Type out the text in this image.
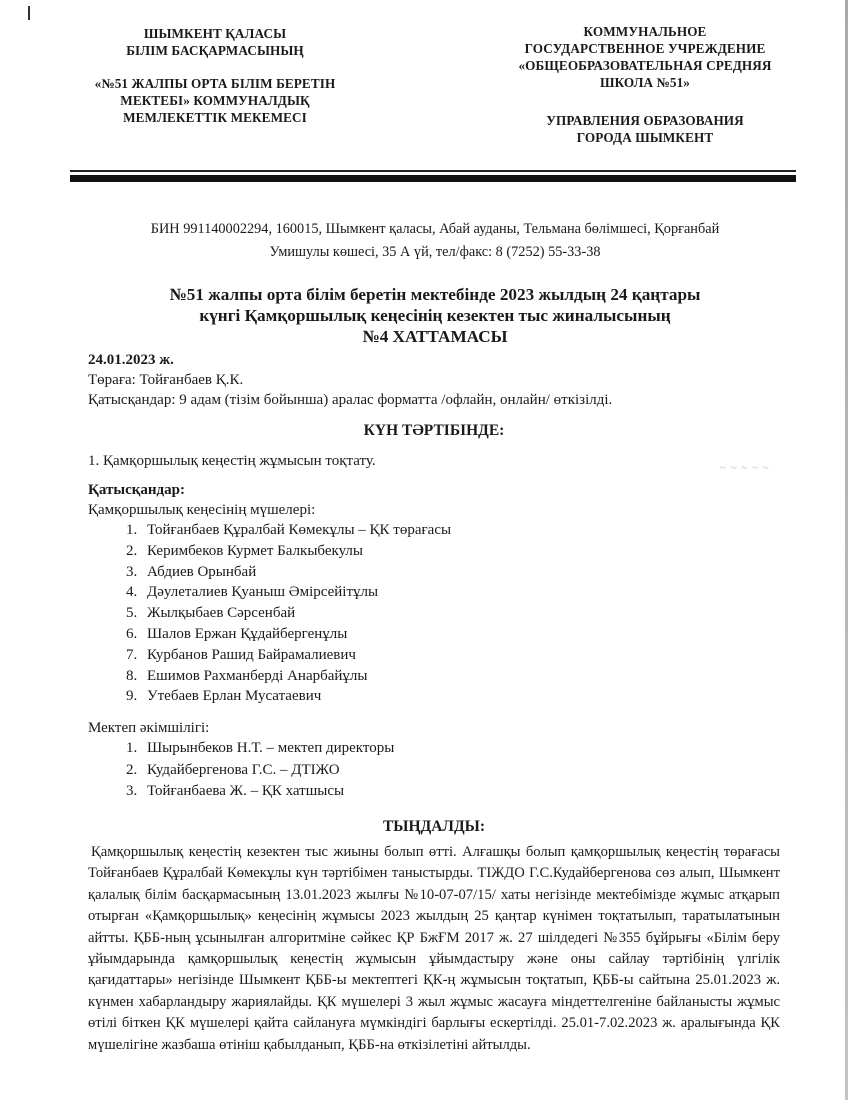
ШЫМКЕНТ ҚАЛАСЫ
БІЛІМ БАСҚАРМАСЫНЫҢ
«№51 ЖАЛПЫ ОРТА БІЛІМ БЕРЕТІН
МЕКТЕБІ» КОММУНАЛДЫҚ
МЕМЛЕКЕТТІК МЕКЕМЕСІ
КОММУНАЛЬНОЕ
ГОСУДАРСТВЕННОЕ УЧРЕЖДЕНИЕ
«ОБЩЕОБРАЗОВАТЕЛЬНАЯ СРЕДНЯЯ
ШКОЛА №51»
УПРАВЛЕНИЯ ОБРАЗОВАНИЯ
ГОРОДА ШЫМКЕНТ
БИН 991140002294, 160015, Шымкент қаласы, Абай ауданы, Тельмана бөлімшесі, Қорғанбай
Умишулы көшесі, 35 А үй, тел/факс: 8 (7252) 55-33-38
№51 жалпы орта білім беретін мектебінде 2023 жылдың 24 қаңтары
күнгі Қамқоршылық кеңесінің кезектен тыс жиналысының
№4 ХАТТАМАСЫ
24.01.2023 ж.
Төраға: Тойғанбаев Қ.К.
Қатысқандар: 9 адам (тізім бойынша) аралас форматта /офлайн, онлайн/ өткізілді.
КҮН ТӘРТІБІНДЕ:
1. Қамқоршылық кеңестің жұмысын тоқтату.	~ ~ ~ ~ ~
Қатысқандар:
Қамқоршылық кеңесінің мүшелері:
1. Тойғанбаев Құралбай Көмекұлы – ҚК төрағасы
2. Керимбеков Курмет Балкыбекулы
3. Абдиев Орынбай
4. Дәулеталиев Қуаныш Әмірсейітұлы
5. Жылқыбаев Сәрсенбай
6. Шалов Ержан Құдайбергенұлы
7. Курбанов Рашид Байрамалиевич
8. Ешимов Рахманберді Анарбайұлы
9. Утебаев Ерлан Мусатаевич
Мектеп әкімшілігі:
1. Шырынбеков Н.Т. – мектеп директоры
2. Кудайбергенова Г.С. – ДТІЖО
3. Тойғанбаева Ж. – ҚК хатшысы
ТЫҢДАЛДЫ:
Қамқоршылық кеңестің кезектен тыс жиыны болып өтті. Алғашқы болып қамқоршылық кеңестің төрағасы Тойғанбаев Құралбай Көмекұлы күн тәртібімен таныстырды. ТІЖДО Г.С.Кудайбергенова сөз алып, Шымкент қалалық білім басқармасының 13.01.2023 жылғы №10-07-07/15/ хаты негізінде мектебімізде жұмыс атқарып отырған «Қамқоршылық» кеңесінің жұмысы 2023 жылдың 25 қаңтар күнімен тоқтатылып, таратылатынын айтты. ҚББ-ның ұсынылған алгоритміне сәйкес ҚР БжҒМ 2017 ж. 27 шілдедегі №355 бұйрығы «Білім беру ұйымдарында қамқоршылық кеңестің жұмысын ұйымдастыру және оны сайлау тәртібінің үлгілік қағидаттары» негізінде Шымкент ҚББ-ы мектептегі ҚК-ң жұмысын тоқтатып, ҚББ-ы сайтына 25.01.2023 ж. күнмен хабарландыру жариялайды. ҚК мүшелері 3 жыл жұмыс жасауға міндеттелгеніне байланысты жұмыс өтілі біткен ҚК мүшелері қайта сайлануға мүмкіндігі барлығы ескертілді. 25.01-7.02.2023 ж. аралығында ҚК мүшелігіне жазбаша өтініш қабылданып, ҚББ-на өткізілетіні айтылды.
